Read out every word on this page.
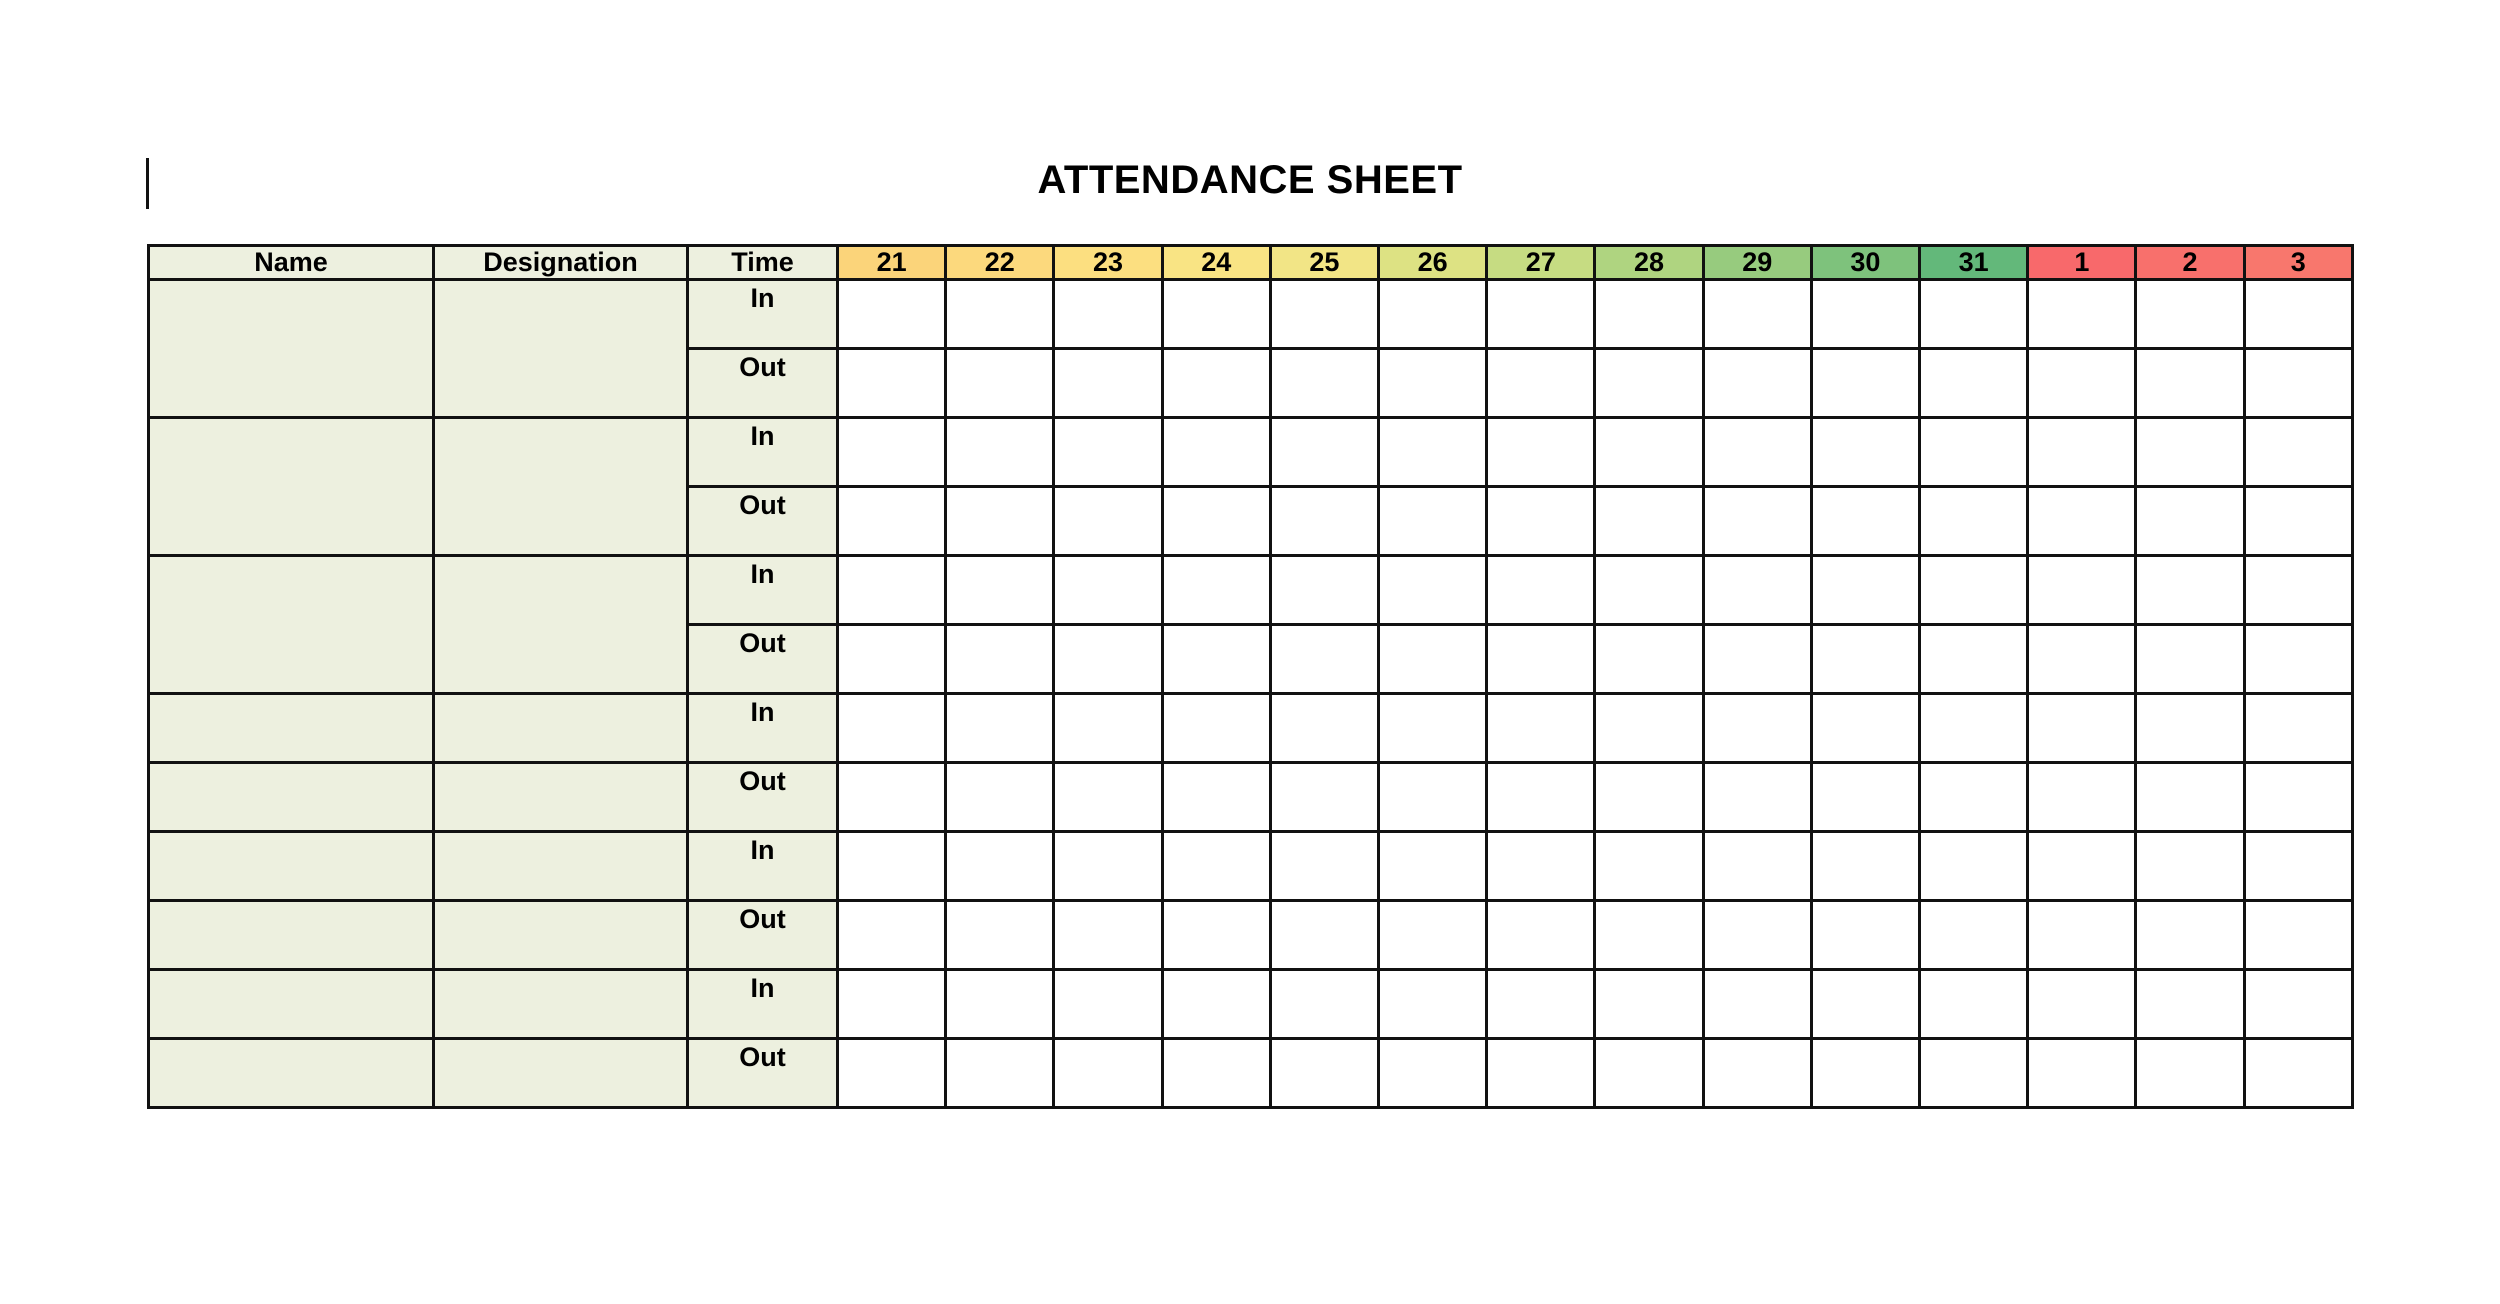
ATTENDANCE SHEET
Name	Designation	Time	21	22	23	24	25	26	27	28	29	30	31	1	2	3
		In														
		Out														
		In														
		Out														
		In														
		Out														
		In														
		Out														
		In														
		Out														
		In														
		Out														
